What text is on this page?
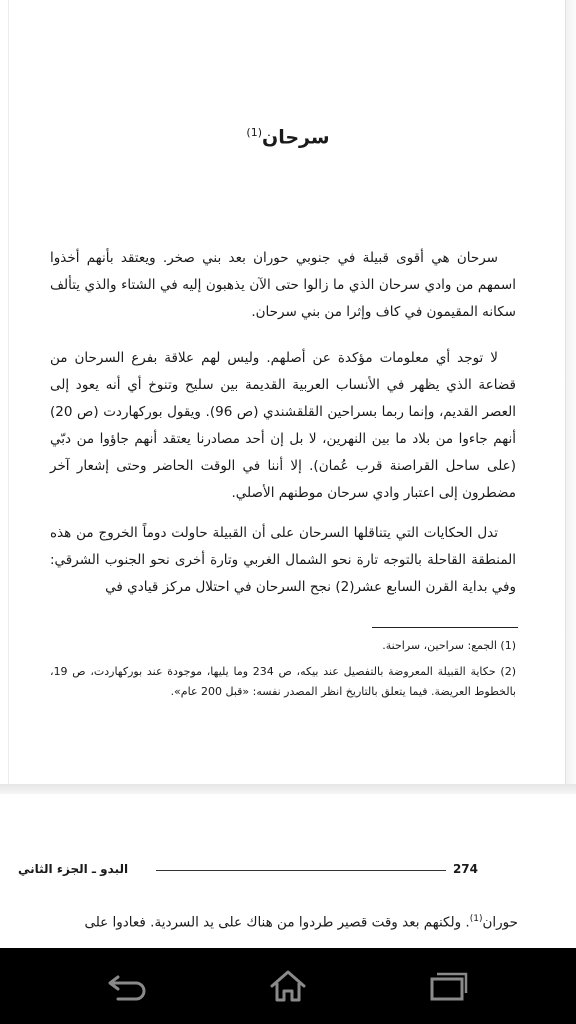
سرحان$^{(1)}$

سرحان هي أقوى قبيلة في جنوبي حوران بعد بني صخر. ويعتقد بأنهم أخذوا اسمهم من وادي سرحان الذي ما زالوا حتى الآن يذهبون إليه في الشتاء والذي يتألف سكانه المقيمون في كاف وإثرا من بني سرحان.

لا توجد أي معلومات مؤكدة عن أصلهم. وليس لهم علاقة بفرع السرحان من قضاعة الذي يظهر في الأنساب العربية القديمة بين سليح وتنوخ أي أنه يعود إلى العصر القديم، وإنما ربما بسراحين القلقشندي (ص 96). ويقول بوركهاردت (ص 20) أنهم جاءوا من بلاد ما بين النهرين، لا بل إن أحد مصادرنا يعتقد أنهم جاؤوا من دبّي (على ساحل القراصنة قرب عُمان). إلا أننا في الوقت الحاضر وحتى إشعار آخر مضطرون إلى اعتبار وادي سرحان موطنهم الأصلي.

تدل الحكايات التي يتناقلها السرحان على أن القبيلة حاولت دوماً الخروج من هذه المنطقة القاحلة بالتوجه تارة نحو الشمال الغربي وتارة أخرى نحو الجنوب الشرقي: وفي بداية القرن السابع عشر(2) نجح السرحان في احتلال مركز قيادي في

(1) الجمع: سراحين، سراحنة.

(2) حكاية القبيلة المعروضة بالتفصيل عند بيكه، ص 234 وما يليها، موجودة عند بوركهاردت، ص 19، بالخطوط العريضة. فيما يتعلق بالتاريخ انظر المصدر نفسه: «قبل 200 عام».

274
البدو ـ الجزء الثاني
حوران$^{(1)}$. ولكنهم بعد وقت قصير طردوا من هناك على يد السردية. فعادوا على
